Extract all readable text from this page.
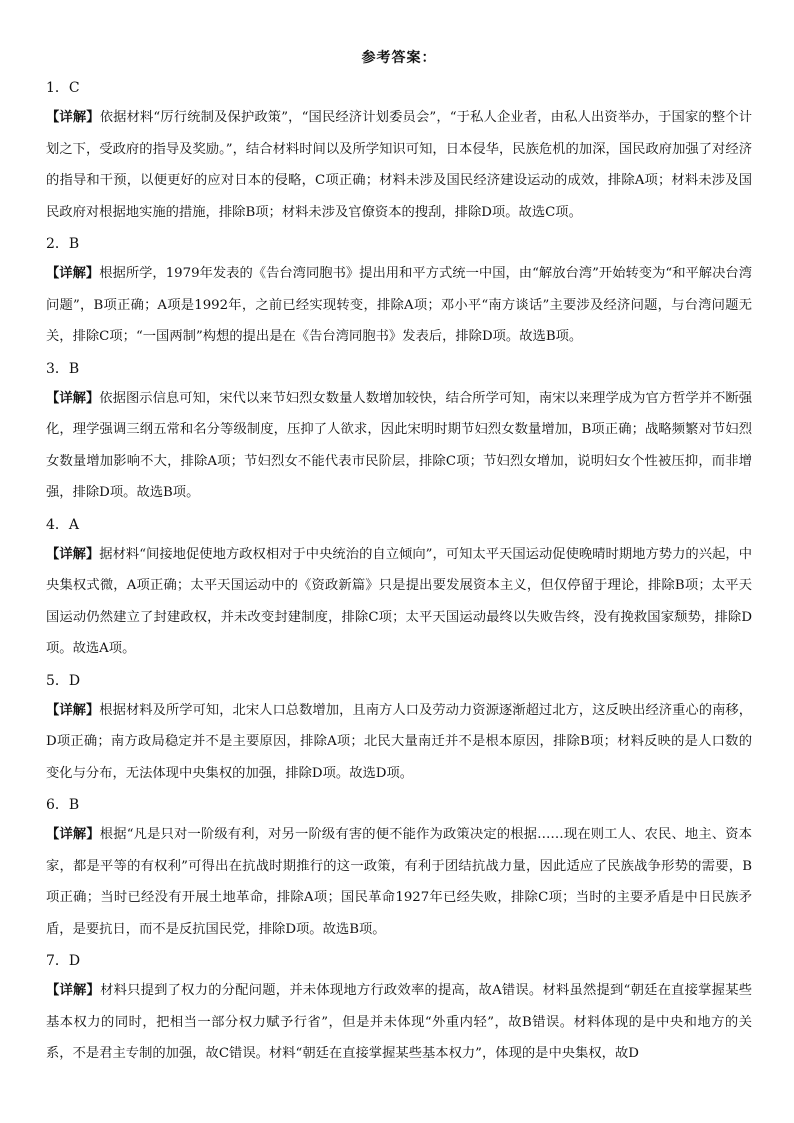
参考答案：
1．C
【详解】依据材料“厉行统制及保护政策”，“国民经济计划委员会”，“于私人企业者，由私人出资举办，于国家的整个计划之下，受政府的指导及奖励。”，结合材料时间以及所学知识可知，日本侵华，民族危机的加深，国民政府加强了对经济的指导和干预，以便更好的应对日本的侵略，C项正确；材料未涉及国民经济建设运动的成效，排除A项；材料未涉及国民政府对根据地实施的措施，排除B项；材料未涉及官僚资本的搜刮，排除D项。故选C项。
2．B
【详解】根据所学，1979年发表的《告台湾同胞书》提出用和平方式统一中国，由“解放台湾”开始转变为“和平解决台湾问题”，B项正确；A项是1992年，之前已经实现转变，排除A项；邓小平“南方谈话”主要涉及经济问题，与台湾问题无关，排除C项；“一国两制”构想的提出是在《告台湾同胞书》发表后，排除D项。故选B项。
3．B
【详解】依据图示信息可知，宋代以来节妇烈女数量人数增加较快，结合所学可知，南宋以来理学成为官方哲学并不断强化，理学强调三纲五常和名分等级制度，压抑了人欲求，因此宋明时期节妇烈女数量增加，B项正确；战略频繁对节妇烈女数量增加影响不大，排除A项；节妇烈女不能代表市民阶层，排除C项；节妇烈女增加，说明妇女个性被压抑，而非增强，排除D项。故选B项。
4．A
【详解】据材料“间接地促使地方政权相对于中央统治的自立倾向”，可知太平天国运动促使晚晴时期地方势力的兴起，中央集权式微，A项正确；太平天国运动中的《资政新篇》只是提出要发展资本主义，但仅停留于理论，排除B项；太平天国运动仍然建立了封建政权，并未改变封建制度，排除C项；太平天国运动最终以失败告终，没有挽救国家颓势，排除D项。故选A项。
5．D
【详解】根据材料及所学可知，北宋人口总数增加，且南方人口及劳动力资源逐渐超过北方，这反映出经济重心的南移，D项正确；南方政局稳定并不是主要原因，排除A项；北民大量南迁并不是根本原因，排除B项；材料反映的是人口数的变化与分布，无法体现中央集权的加强，排除D项。故选D项。
6．B
【详解】根据“凡是只对一阶级有利，对另一阶级有害的便不能作为政策决定的根据……现在则工人、农民、地主、资本家，都是平等的有权利”可得出在抗战时期推行的这一政策，有利于团结抗战力量，因此适应了民族战争形势的需要，B项正确；当时已经没有开展土地革命，排除A项；国民革命1927年已经失败，排除C项；当时的主要矛盾是中日民族矛盾，是要抗日，而不是反抗国民党，排除D项。故选B项。
7．D
【详解】材料只提到了权力的分配问题，并未体现地方行政效率的提高，故A错误。材料虽然提到“朝廷在直接掌握某些基本权力的同时，把相当一部分权力赋予行省”，但是并未体现“外重内轻”，故B错误。材料体现的是中央和地方的关系，不是君主专制的加强，故C错误。材料“朝廷在直接掌握某些基本权力”，体现的是中央集权，故D
